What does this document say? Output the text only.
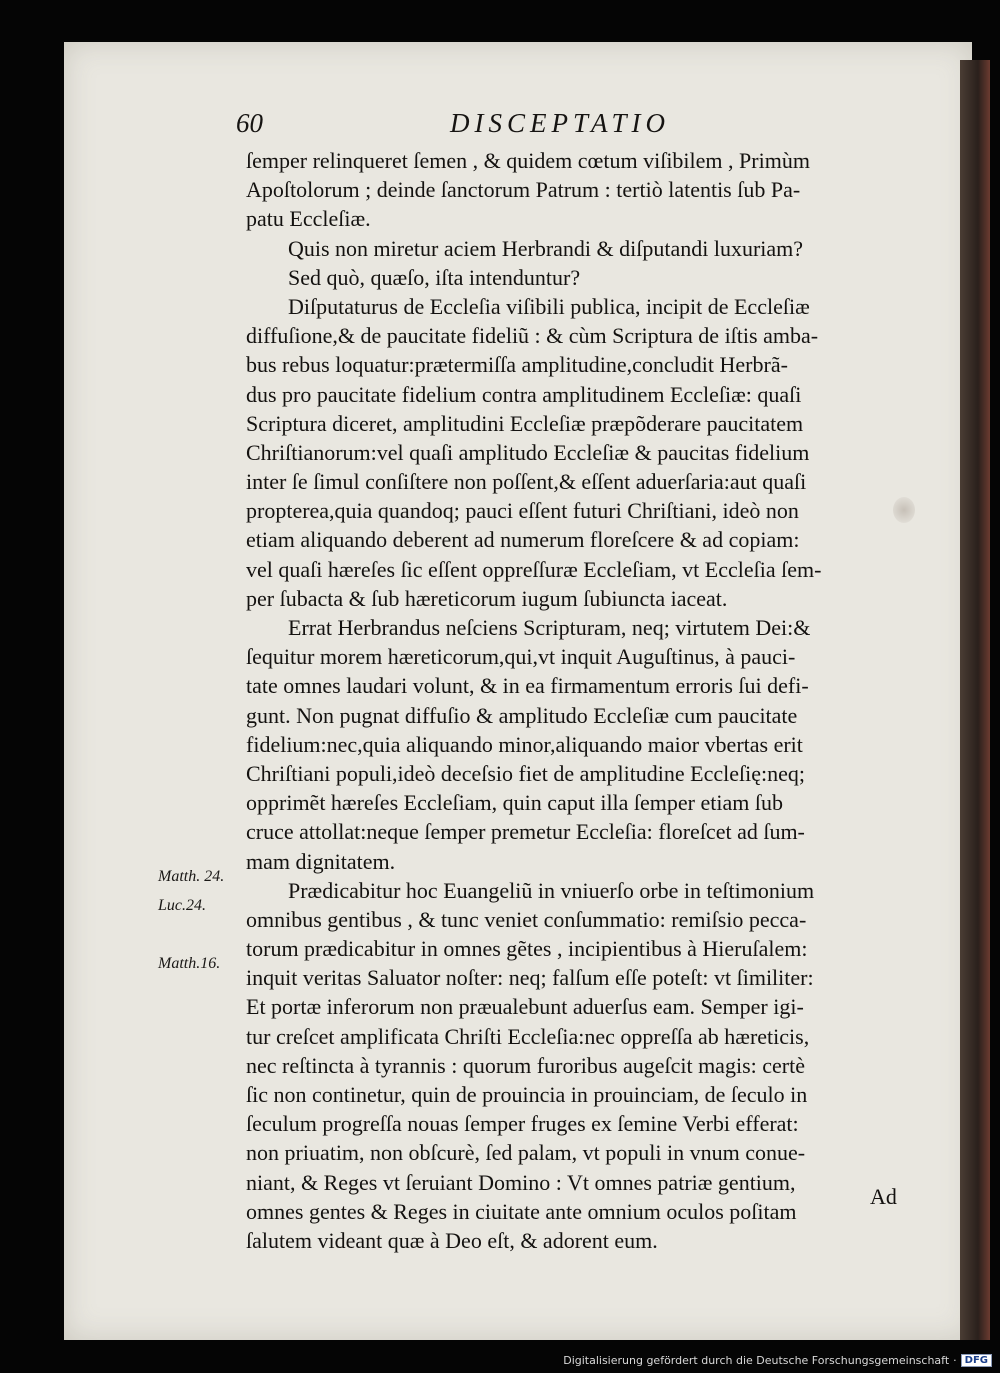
60	DISCEPTATIO
ſemper relinqueret ſemen , & quidem cœtum viſibilem , Primùm
Apoſtolorum ; deinde ſanctorum Patrum : tertiò latentis ſub Pa-
patu Eccleſiæ.
Quis non miretur aciem Herbrandi & diſputandi luxuriam?
Sed quò, quæſo, iſta intenduntur?
Diſputaturus de Eccleſia viſibili publica, incipit de Eccleſiæ
diffuſione,& de paucitate fideliũ : & cùm Scriptura de iſtis amba-
bus rebus loquatur:prætermiſſa amplitudine,concludit Herbrã-
dus pro paucitate fidelium contra amplitudinem Eccleſiæ: quaſi
Scriptura diceret, amplitudini Eccleſiæ præpõderare paucitatem
Chriſtianorum:vel quaſi amplitudo Eccleſiæ & paucitas fidelium
inter ſe ſimul conſiſtere non poſſent,& eſſent aduerſaria:aut quaſi
propterea,quia quandoq; pauci eſſent futuri Chriſtiani, ideò non
etiam aliquando deberent ad numerum floreſcere & ad copiam:
vel quaſi hæreſes ſic eſſent oppreſſuræ Eccleſiam, vt Eccleſia ſem-
per ſubacta & ſub hæreticorum iugum ſubiuncta iaceat.
Errat Herbrandus neſciens Scripturam, neq; virtutem Dei:&
ſequitur morem hæreticorum,qui,vt inquit Auguſtinus, à pauci-
tate omnes laudari volunt, & in ea firmamentum erroris ſui defi-
gunt. Non pugnat diffuſio & amplitudo Eccleſiæ cum paucitate
fidelium:nec,quia aliquando minor,aliquando maior vbertas erit
Chriſtiani populi,ideò deceſsio fiet de amplitudine Eccleſię:neq;
opprimẽt hæreſes Eccleſiam, quin caput illa ſemper etiam ſub
cruce attollat:neque ſemper premetur Eccleſia: floreſcet ad ſum-
mam dignitatem.
Prædicabitur hoc Euangeliũ in vniuerſo orbe in teſtimonium
omnibus gentibus , & tunc veniet conſummatio: remiſsio pecca-
torum prædicabitur in omnes gẽtes , incipientibus à Hieruſalem:
inquit veritas Saluator noſter: neq; falſum eſſe poteſt: vt ſimiliter:
Et portæ inferorum non præualebunt aduerſus eam. Semper igi-
tur creſcet amplificata Chriſti Eccleſia:nec oppreſſa ab hæreticis,
nec reſtincta à tyrannis : quorum furoribus augeſcit magis: certè
ſic non continetur, quin de prouincia in prouinciam, de ſeculo in
ſeculum progreſſa nouas ſemper fruges ex ſemine Verbi efferat:
non priuatim, non obſcurè, ſed palam, vt populi in vnum conue-
niant, & Reges vt ſeruiant Domino : Vt omnes patriæ gentium,
omnes gentes & Reges in ciuitate ante omnium oculos poſitam
ſalutem videant quæ à Deo eſt, & adorent eum.
Matth. 24.
Luc.24.
Matth.16.
Ad
Digitalisierung gefördert durch die Deutsche Forschungsgemeinschaft · DFG
